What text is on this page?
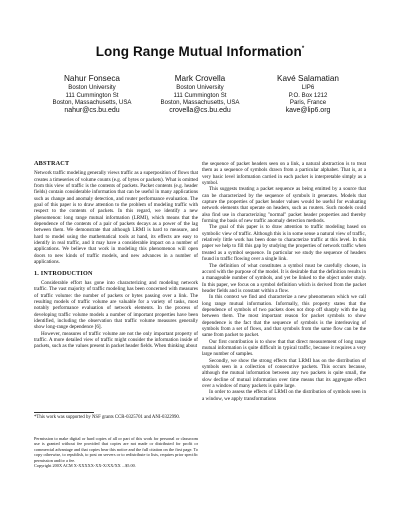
Long Range Mutual Information*
Nahur Fonseca
Boston University
111 Cummington St
Boston, Massachusetts, USA
nahur@cs.bu.edu
Mark Crovella
Boston University
111 Cummington St
Boston, Massachusetts, USA
crovella@cs.bu.edu
Kavé Salamatian
LIP6
P.O. Box 1212
Paris, France
kave@lip6.org
ABSTRACT

Network traffic modeling generally views traffic as a superposition of flows that creates a timeseries of volume counts (e.g. of bytes or packets). What is omitted from this view of traffic is the contents of packets. Packet contents (e.g. header fields) contain considerable information that can be useful in many applications such as change and anomaly detection, and router performance evaluation. The goal of this paper is to draw attention to the problem of modeling traffic with respect to the contents of packets. In this regard, we identify a new phenomenon: long range mutual information (LRMI), which means that the dependence of the contents of a pair of packets decays as a power of the lag between them. We demonstrate that although LRMI is hard to measure, and hard to model using the mathematical tools at hand, its effects are easy to identify in real traffic, and it may have a considerable impact on a number of applications. We believe that work in modeling this phenomenon will open doors to new kinds of traffic models, and new advances in a number of applications.

1. INTRODUCTION

Considerable effort has gone into characterizing and modeling network traffic. The vast majority of traffic modeling has been concerned with measures of traffic volume: the number of packets or bytes passing over a link. The resulting models of traffic volume are valuable for a variety of tasks, most notably performance evaluation of network elements. In the process of developing traffic volume models a number of important properties have been identified, including the observation that traffic volume measures generally show long-range dependence [6].

However, measures of traffic volume are not the only important property of traffic. A more detailed view of traffic might consider the information inside of packets, such as the values present in packet header fields. When thinking about

*This work was supported by NSF grants CCR-0325701 and ANI-0322990.
Permission to make digital or hard copies of all or part of this work for personal or classroom use is granted without fee provided that copies are not made or distributed for profit or commercial advantage and that copies bear this notice and the full citation on the first page. To copy otherwise, to republish, to post on servers or to redistribute to lists, requires prior specific permission and/or a fee.
Copyright 200X ACM X-XXXXX-XX-X/XX/XX ...$5.00.

the sequence of packet headers seen on a link, a natural abstraction is to treat them as a sequence of symbols drawn from a particular alphabet. That is, at a very basic level information carried in each packet is interpretable simply as a symbol.

This suggests treating a packet sequence as being emitted by a source that can be characterized by the sequence of symbols it generates. Models that capture the properties of packet header values would be useful for evaluating network elements that operate on headers, such as routers. Such models could also find use in characterizing "normal" packet header properties and thereby forming the basis of new traffic anomaly detection methods.

The goal of this paper is to draw attention to traffic modeling based on symbolic view of traffic. Although this is in some sense a natural view of traffic, relatively little work has been done to characterize traffic at this level. In this paper we help to fill this gap by studying the properties of network traffic when treated as a symbol sequence. In particular we study the sequence of headers found in traffic flowing over a single link.

The definition of what constitutes a symbol must be carefully chosen, in accord with the purpose of the model. It is desirable that the definition results in a manageable number of symbols, and yet be linked to the object under study. In this paper, we focus on a symbol definition which is derived from the packet header fields and is constant within a flow.

In this context we find and characterize a new phenomenon which we call long range mutual information. Informally, this property states that the dependence of symbols of two packets does not drop off sharply with the lag between them. The most important reason for packet symbols to show dependence is the fact that the sequence of symbols is the interleaving of symbols from a set of flows, and that symbols from the same flow can be the same from packet to packet.

Our first contribution is to show that that direct measurement of long range mutual information is quite difficult in typical traffic, because it requires a very large number of samples.

Secondly, we show the strong effects that LRMI has on the distribution of symbols seen in a collection of consecutive packets. This occurs because, although the mutual information between any two packets is quite small, the slow decline of mutual information over time means that its aggregate effect over a window of many packets is quite large.

In order to assess the effects of LRMI on the distribution of symbols seen in a window, we apply transformations
